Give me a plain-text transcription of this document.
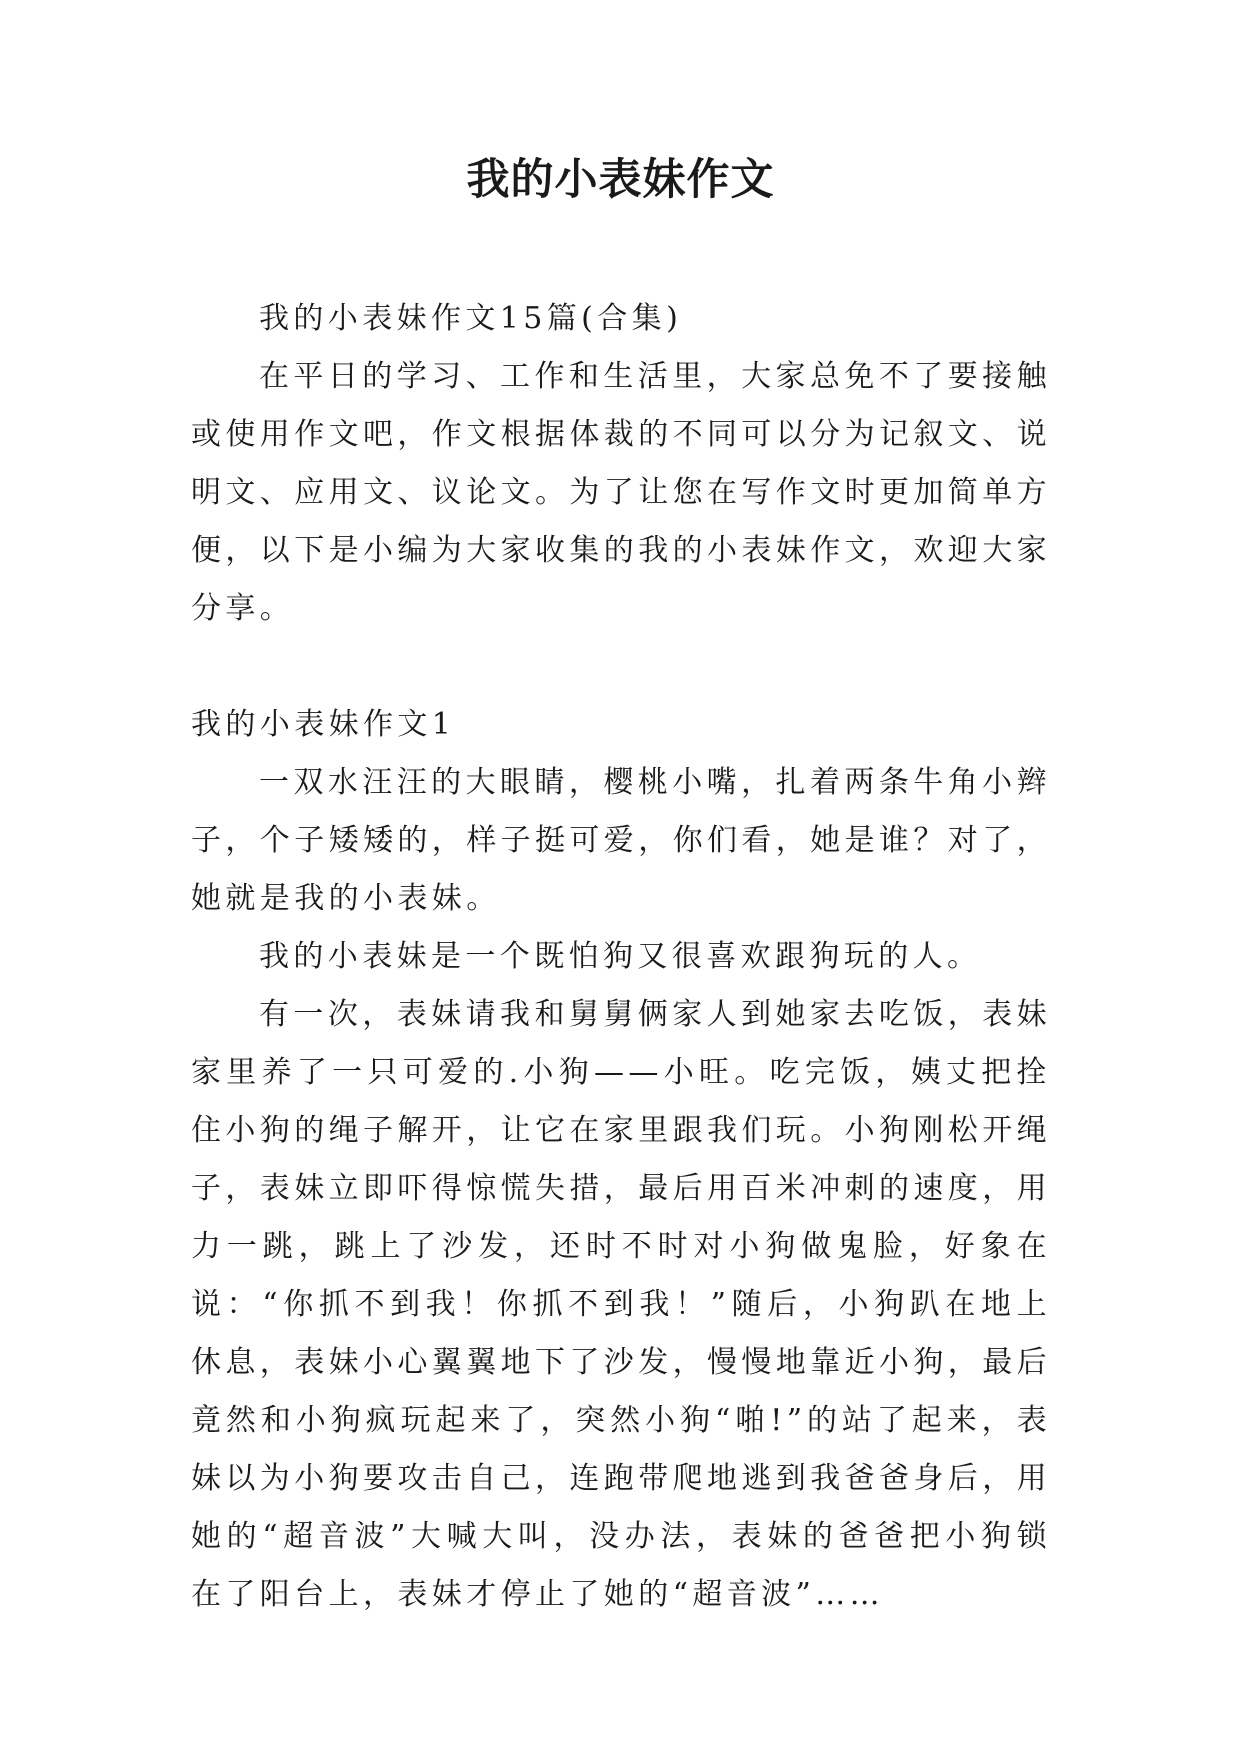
我的小表妹作文

我的小表妹作文15篇(合集)

在平日的学习、工作和生活里，大家总免不了要接触或使用作文吧，作文根据体裁的不同可以分为记叙文、说明文、应用文、议论文。为了让您在写作文时更加简单方便，以下是小编为大家收集的我的小表妹作文，欢迎大家分享。

我的小表妹作文1

一双水汪汪的大眼睛，樱桃小嘴，扎着两条牛角小辫子，个子矮矮的，样子挺可爱，你们看，她是谁？对了，她就是我的小表妹。

我的小表妹是一个既怕狗又很喜欢跟狗玩的人。

有一次，表妹请我和舅舅俩家人到她家去吃饭，表妹家里养了一只可爱的.小狗——小旺。吃完饭，姨丈把拴住小狗的绳子解开，让它在家里跟我们玩。小狗刚松开绳子，表妹立即吓得惊慌失措，最后用百米冲刺的速度，用力一跳，跳上了沙发，还时不时对小狗做鬼脸，好象在说：“你抓不到我！你抓不到我！”随后，小狗趴在地上休息，表妹小心翼翼地下了沙发，慢慢地靠近小狗，最后竟然和小狗疯玩起来了，突然小狗“啪!”的站了起来，表妹以为小狗要攻击自己，连跑带爬地逃到我爸爸身后，用她的“超音波”大喊大叫，没办法，表妹的爸爸把小狗锁在了阳台上，表妹才停止了她的“超音波”……
